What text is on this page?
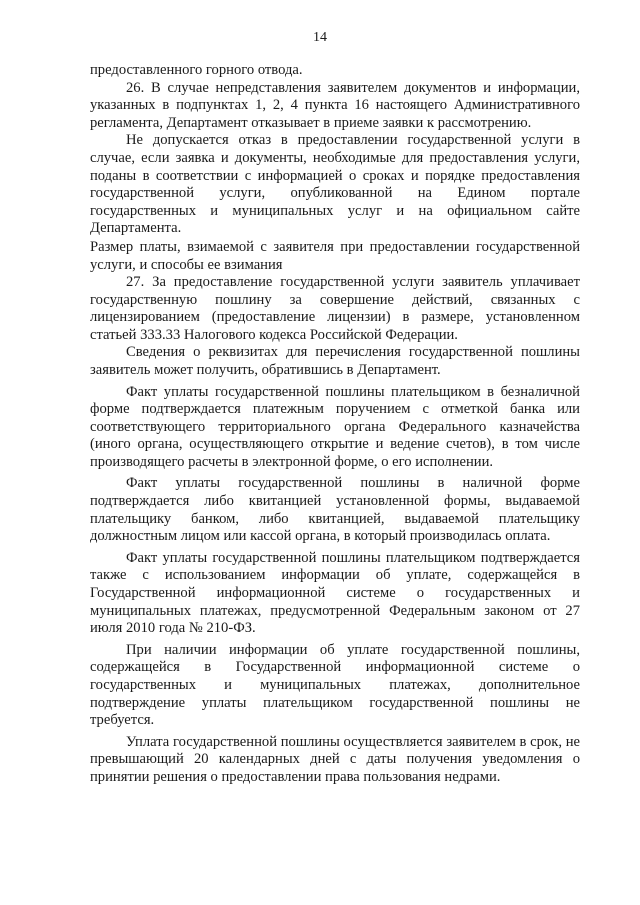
14

предоставленного горного отвода.

26. В случае непредставления заявителем документов и информации, указанных в подпунктах 1, 2, 4 пункта 16 настоящего Административного регламента, Департамент отказывает в приеме заявки к рассмотрению.

Не допускается отказ в предоставлении государственной услуги в случае, если заявка и документы, необходимые для предоставления услуги, поданы в соответствии с информацией о сроках и порядке предоставления государственной услуги, опубликованной на Едином портале государственных и муниципальных услуг и на официальном сайте Департамента.

Размер платы, взимаемой с заявителя при предоставлении государственной услуги, и способы ее взимания

27. За предоставление государственной услуги заявитель уплачивает государственную пошлину за совершение действий, связанных с лицензированием (предоставление лицензии) в размере, установленном статьей 333.33 Налогового кодекса Российской Федерации.

Сведения о реквизитах для перечисления государственной пошлины заявитель может получить, обратившись в Департамент.

Факт уплаты государственной пошлины плательщиком в безналичной форме подтверждается платежным поручением с отметкой банка или соответствующего территориального органа Федерального казначейства (иного органа, осуществляющего открытие и ведение счетов), в том числе производящего расчеты в электронной форме, о его исполнении.

Факт уплаты государственной пошлины в наличной форме подтверждается либо квитанцией установленной формы, выдаваемой плательщику банком, либо квитанцией, выдаваемой плательщику должностным лицом или кассой органа, в который производилась оплата.

Факт уплаты государственной пошлины плательщиком подтверждается также с использованием информации об уплате, содержащейся в Государственной информационной системе о государственных и муниципальных платежах, предусмотренной Федеральным законом от 27 июля 2010 года № 210-ФЗ.

При наличии информации об уплате государственной пошлины, содержащейся в Государственной информационной системе о государственных и муниципальных платежах, дополнительное подтверждение уплаты плательщиком государственной пошлины не требуется.

Уплата государственной пошлины осуществляется заявителем в срок, не превышающий 20 календарных дней с даты получения уведомления о принятии решения о предоставлении права пользования недрами.
